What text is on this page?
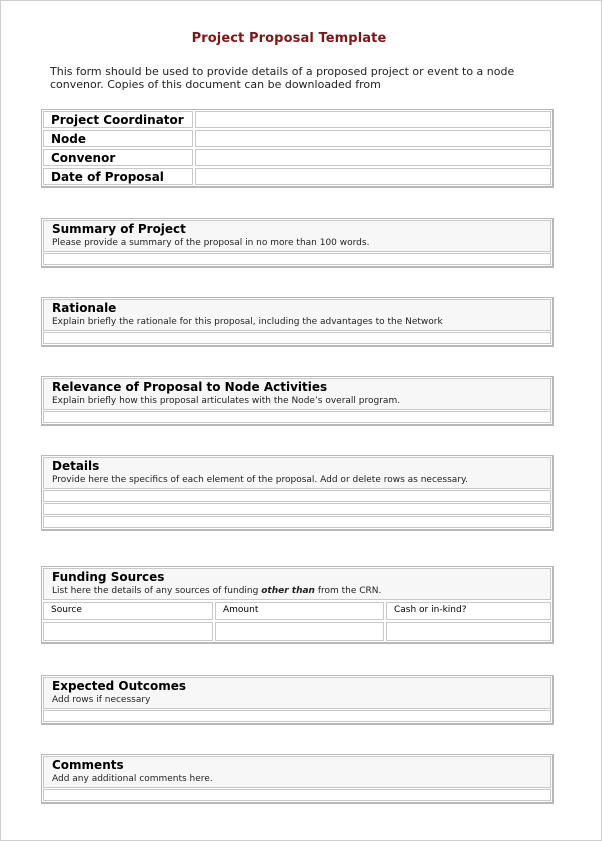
Project Proposal Template
This form should be used to provide details of a proposed project or event to a node convenor. Copies of this document can be downloaded from
Project Coordinator
Node
Convenor
Date of Proposal
Summary of Project
Please provide a summary of the proposal in no more than 100 words.
Rationale
Explain briefly the rationale for this proposal, including the advantages to the Network
Relevance of Proposal to Node Activities
Explain briefly how this proposal articulates with the Node’s overall program.
Details
Provide here the specifics of each element of the proposal. Add or delete rows as necessary.
Funding Sources
List here the details of any sources of funding other than from the CRN.
Source	Amount	Cash or in-kind?
Expected Outcomes
Add rows if necessary
Comments
Add any additional comments here.
